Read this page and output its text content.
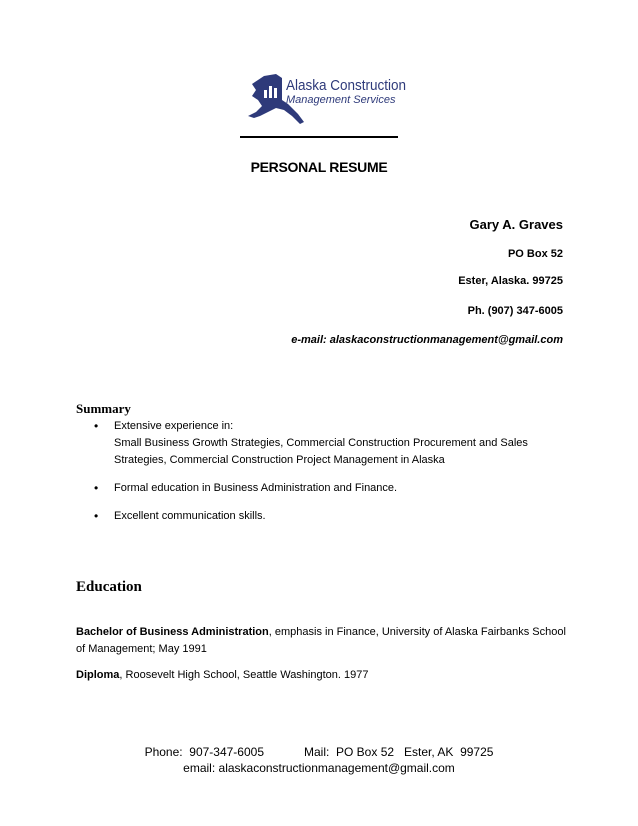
Alaska Construction
Management Services
PERSONAL RESUME
Gary A. Graves
PO Box 52
Ester, Alaska. 99725
Ph. (907) 347-6005
e-mail: alaskaconstructionmanagement@gmail.com
Summary
• Extensive experience in:
Small Business Growth Strategies, Commercial Construction Procurement and Sales Strategies, Commercial Construction Project Management in Alaska
• Formal education in Business Administration and Finance.
• Excellent communication skills.
Education
Bachelor of Business Administration, emphasis in Finance, University of Alaska Fairbanks School of Management; May 1991
Diploma, Roosevelt High School, Seattle Washington. 1977
Phone:  907-347-6005            Mail:  PO Box 52   Ester, AK  99725
email: alaskaconstructionmanagement@gmail.com
